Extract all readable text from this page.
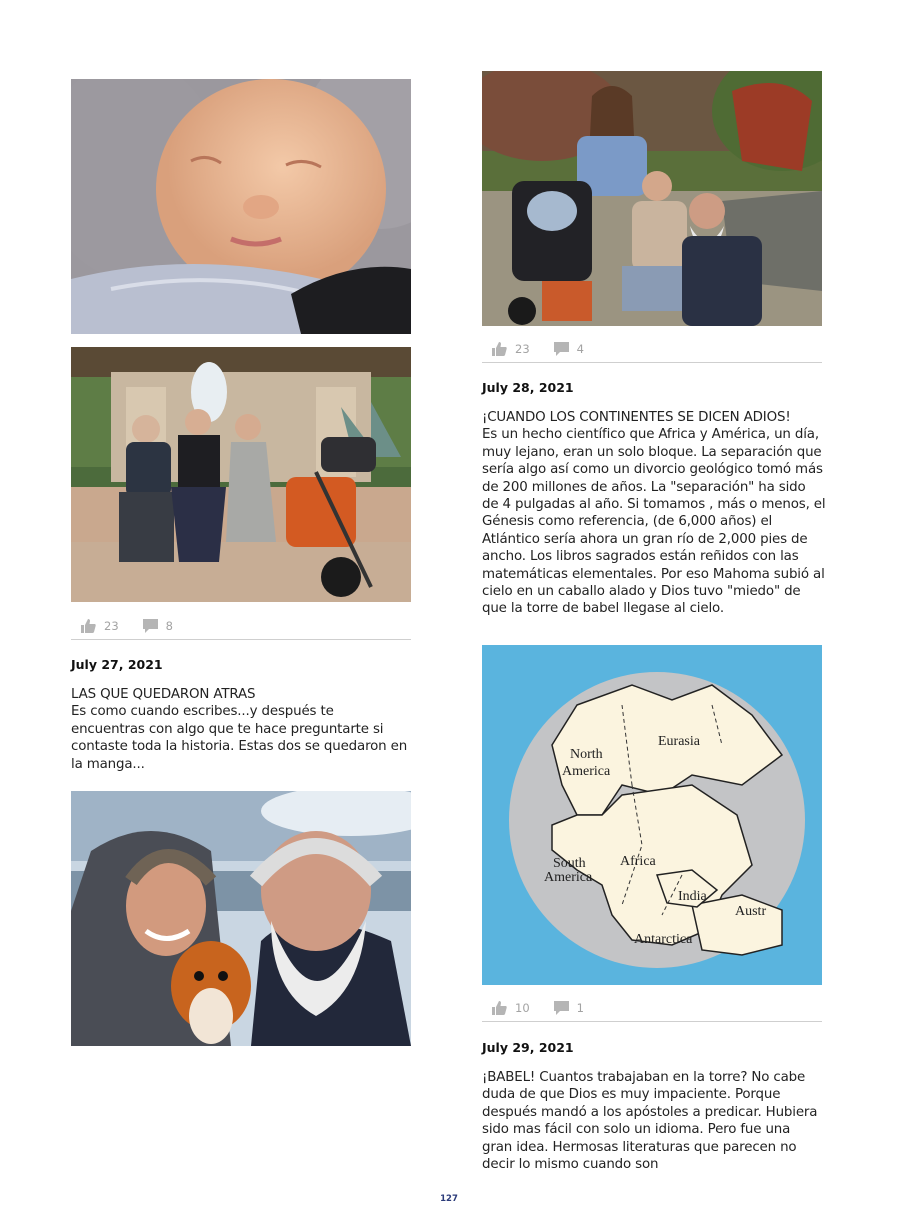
23	8
July 27, 2021

LAS QUE QUEDARON ATRAS

Es como cuando escribes...y después te encuentras con algo que te hace preguntarte si contaste toda la historia. Estas dos se quedaron en la manga...

23	4
July 28, 2021

¡CUANDO LOS CONTINENTES SE DICEN ADIOS!

Es un hecho científico que Africa y América, un día, muy lejano, eran un solo bloque. La separación que sería algo así como un divorcio geológico tomó más de 200 millones de años. La "separación" ha sido de 4 pulgadas al año. Si tomamos , más o menos, el Génesis como referencia, (de 6,000 años) el Atlántico sería ahora un gran río de 2,000 pies de ancho. Los libros sagrados están reñidos con las matemáticas elementales. Por eso Mahoma subió al cielo en un caballo alado y Dios tuvo "miedo" de que la torre de babel llegase al cielo.

North
America
Eurasia
South
America
Africa
India
Austr
Antarctica
10	1
July 29, 2021

¡BABEL! Cuantos trabajaban en la torre? No cabe duda de que Dios es muy impaciente. Porque después mandó a los apóstoles a predicar. Hubiera sido mas fácil con solo un idioma. Pero fue una gran idea. Hermosas literaturas que parecen no decir lo mismo cuando son

127
